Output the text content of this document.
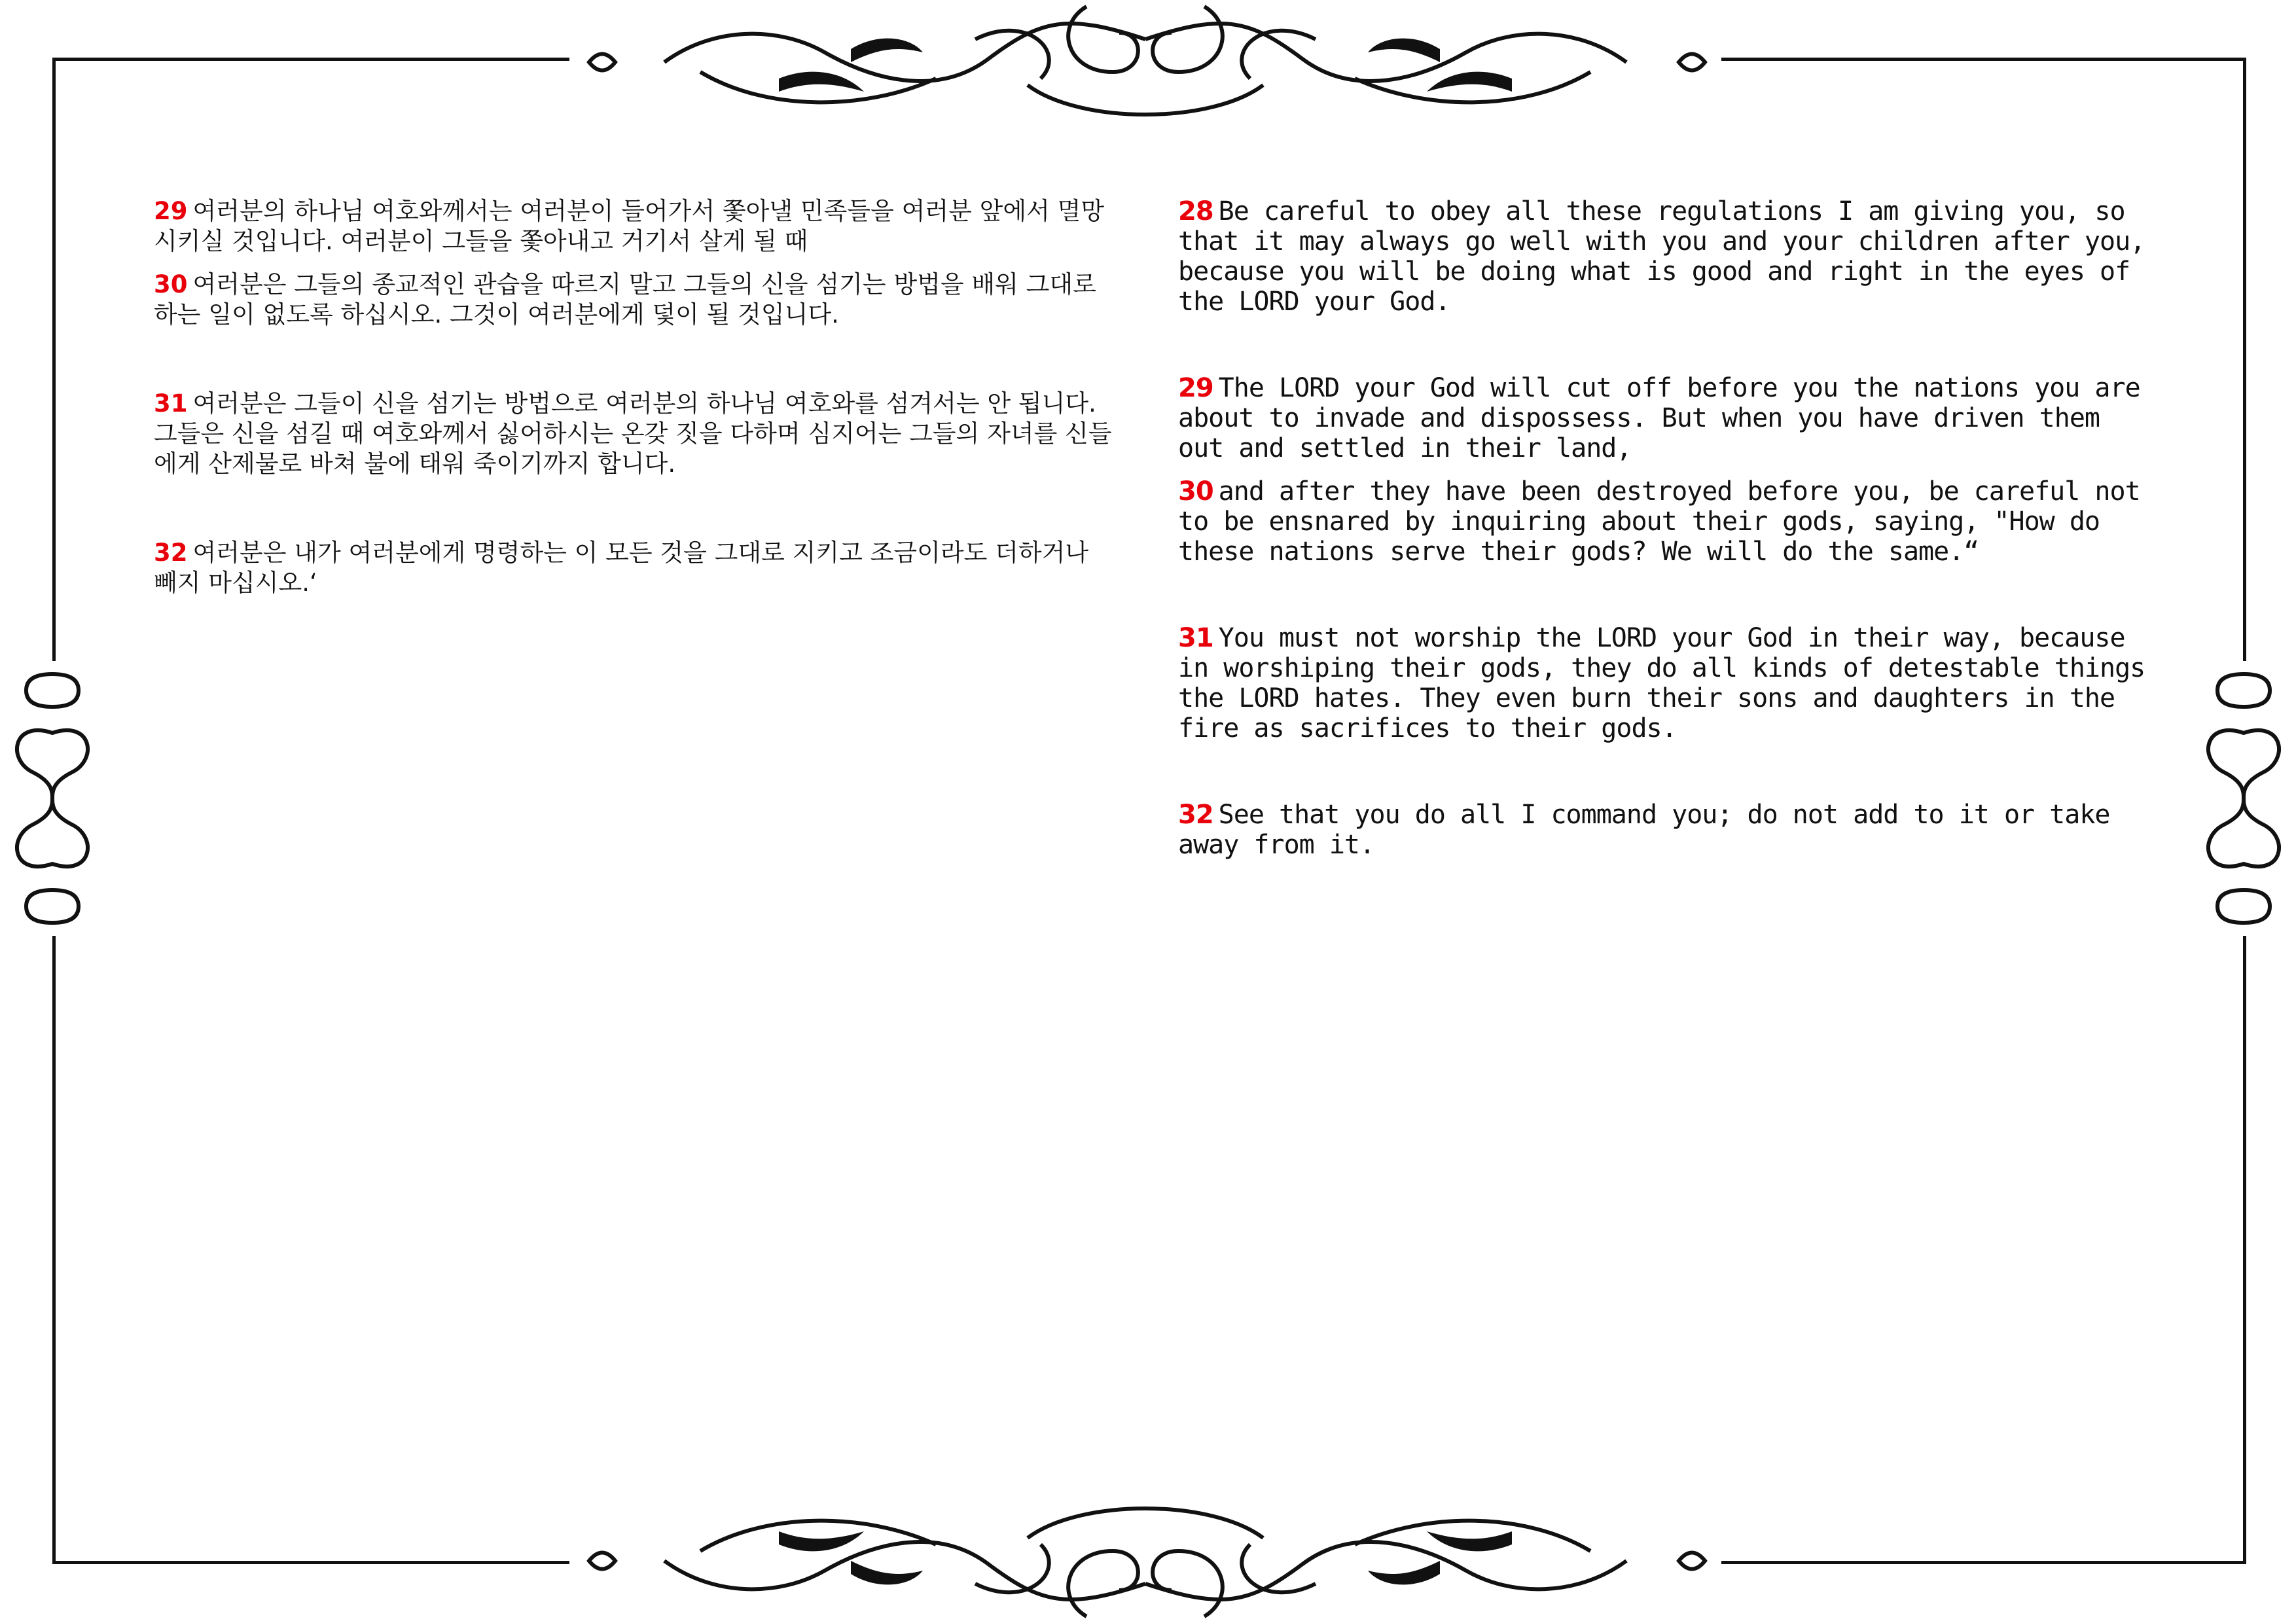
29 여러분의 하나님 여호와께서는 여러분이 들어가서 쫓아낼 민족들을 여러분 앞에서 멸망시키실 것입니다. 여러분이 그들을 쫓아내고 거기서 살게 될 때

30 여러분은 그들의 종교적인 관습을 따르지 말고 그들의 신을 섬기는 방법을 배워 그대로 하는 일이 없도록 하십시오. 그것이 여러분에게 덫이 될 것입니다.

31 여러분은 그들이 신을 섬기는 방법으로 여러분의 하나님 여호와를 섬겨서는 안 됩니다. 그들은 신을 섬길 때 여호와께서 싫어하시는 온갖 짓을 다하며 심지어는 그들의 자녀를 신들에게 산제물로 바쳐 불에 태워 죽이기까지 합니다.

32 여러분은 내가 여러분에게 명령하는 이 모든 것을 그대로 지키고 조금이라도 더하거나 빼지 마십시오.‘

28 Be careful to obey all these regulations I am giving you, so that it may always go well with you and your children after you, because you will be doing what is good and right in the eyes of the LORD your God.

29 The LORD your God will cut off before you the nations you are about to invade and dispossess. But when you have driven them out and settled in their land,

30 and after they have been destroyed before you, be careful not to be ensnared by inquiring about their gods, saying, "How do these nations serve their gods? We will do the same.“

31 You must not worship the LORD your God in their way, because in worshiping their gods, they do all kinds of detestable things the LORD hates. They even burn their sons and daughters in the fire as sacrifices to their gods.

32 See that you do all I command you; do not add to it or take away from it.
